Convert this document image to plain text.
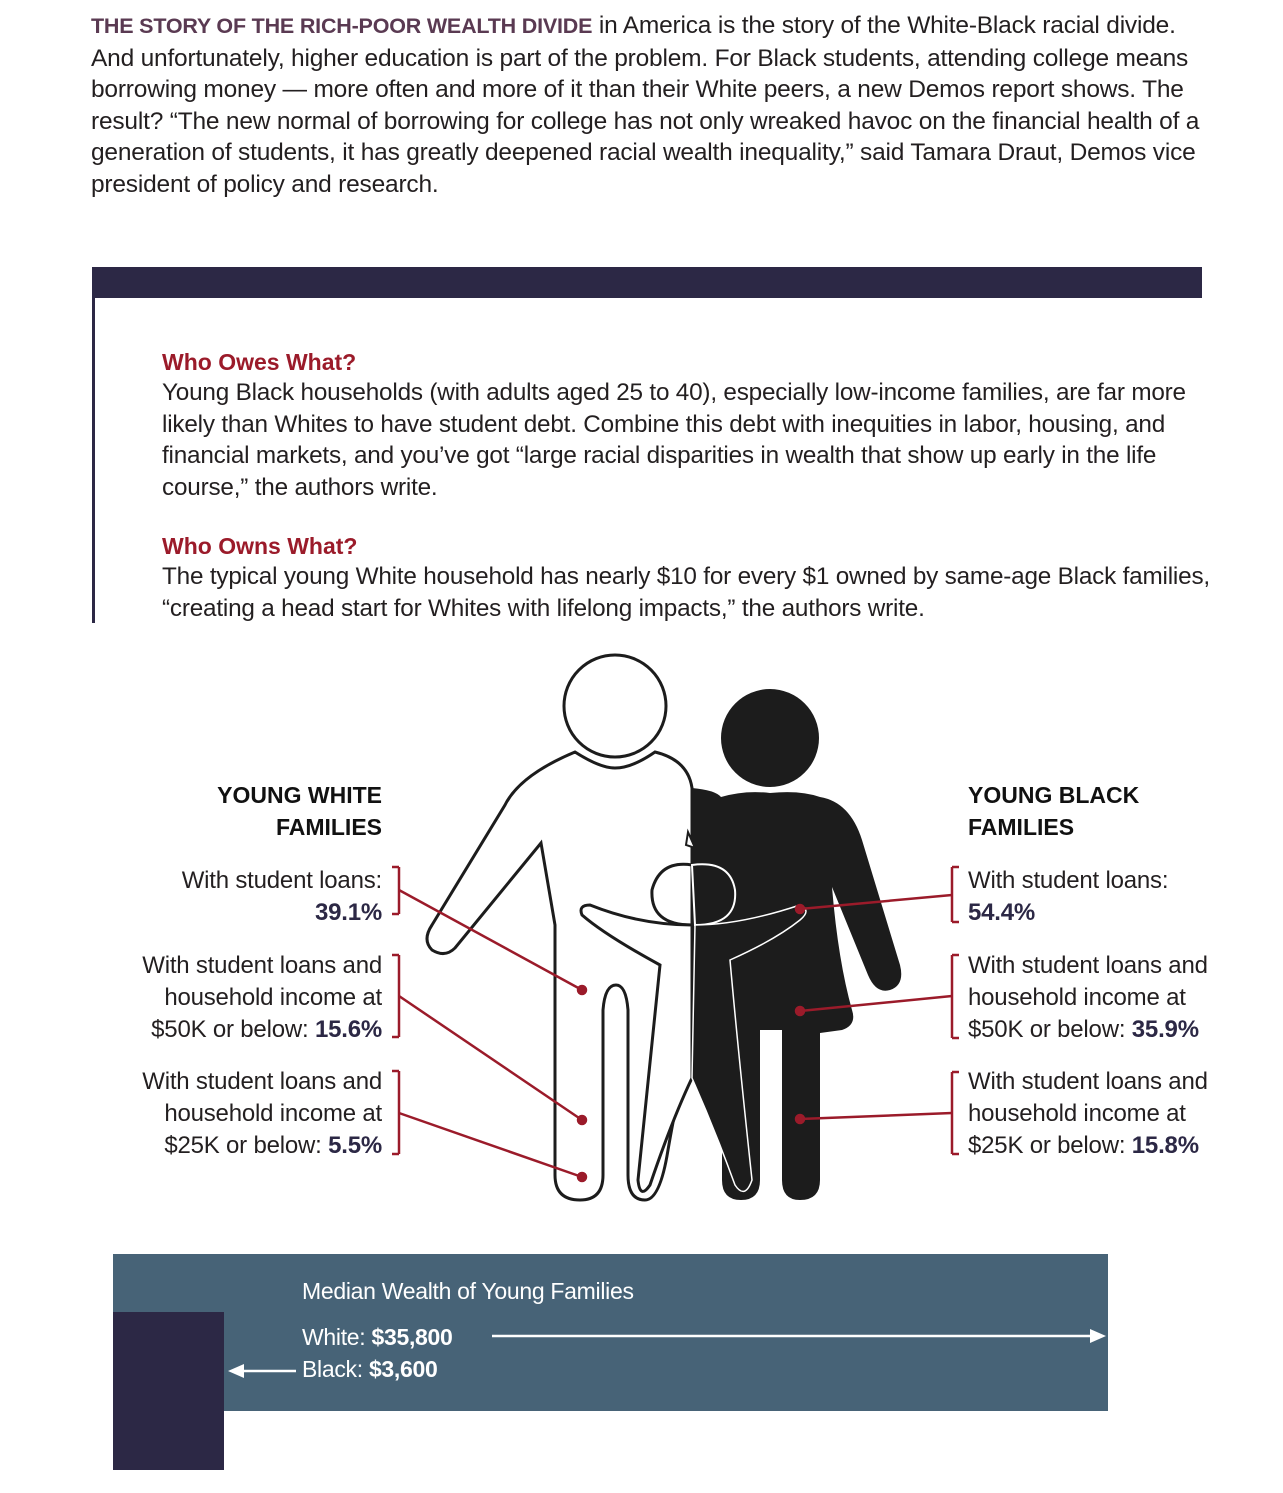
THE STORY OF THE RICH-POOR WEALTH DIVIDE in America is the story of the White-Black racial divide. And unfortunately, higher education is part of the problem. For Black students, attending college means borrowing money — more often and more of it than their White peers, a new Demos report shows. The result? “The new normal of borrowing for college has not only wreaked havoc on the financial health of a generation of students, it has greatly deepened racial wealth inequality,” said Tamara Draut, Demos vice president of policy and research.
Who Owes What?

Young Black households (with adults aged 25 to 40), especially low-income families, are far more likely than Whites to have student debt. Combine this debt with inequities in labor, housing, and financial markets, and you’ve got “large racial disparities in wealth that show up early in the life course,” the authors write.

Who Owns What?

The typical young White household has nearly $10 for every $1 owned by same-age Black families, “creating a head start for Whites with lifelong impacts,” the authors write.

YOUNG WHITE
FAMILIES
YOUNG BLACK
FAMILIES
With student loans:
39.1%
With student loans and
household income at
$50K or below: 15.6%
With student loans and
household income at
$25K or below: 5.5%
With student loans:
54.4%
With student loans and
household income at
$50K or below: 35.9%
With student loans and
household income at
$25K or below: 15.8%
Median Wealth of Young Families
White: $35,800
Black: $3,600
